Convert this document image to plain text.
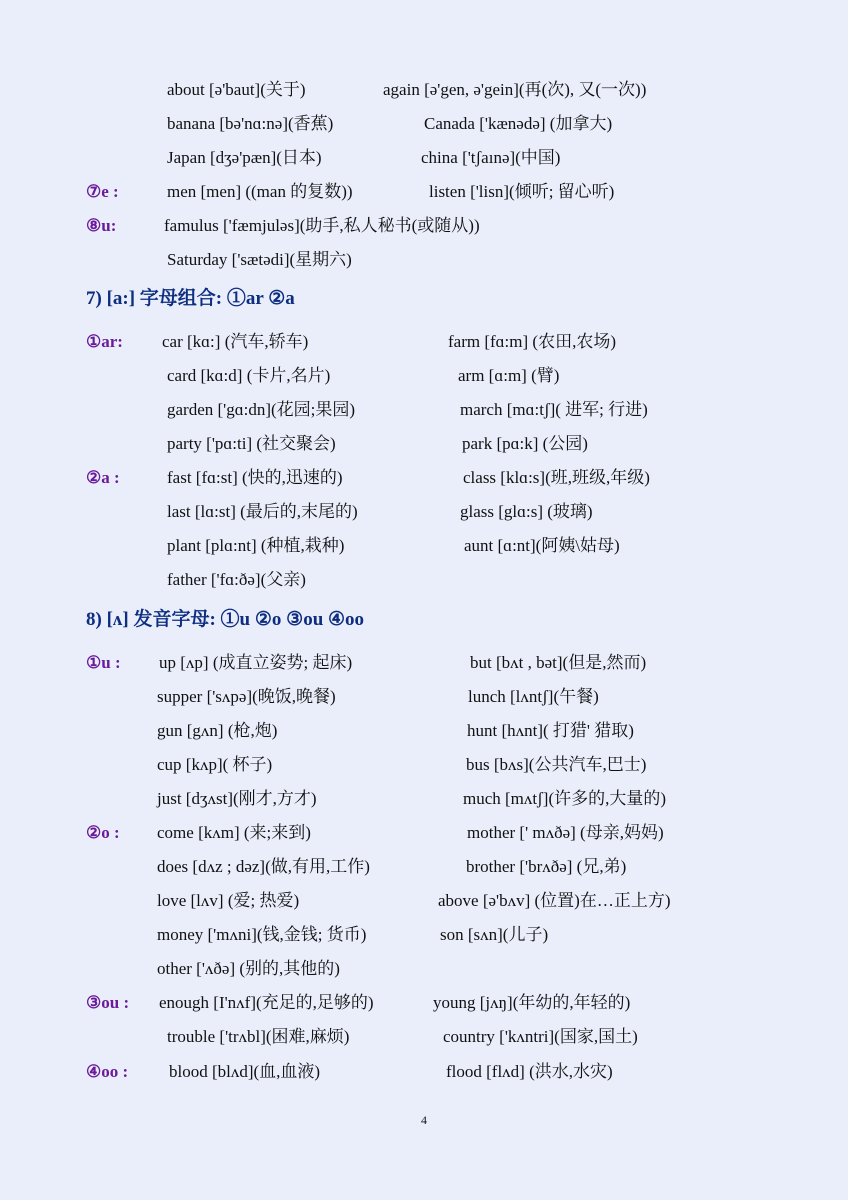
7) [a:] 字母组合: ①ar ②a
8) [ʌ] 发音字母: ①u ②o ③ou ④oo
about [ə'baut](关于)	again [ə'gen, ə'gein](再(次), 又(一次))
banana [bə'nɑ:nə](香蕉)	Canada ['kænədə] (加拿大)
Japan [dʒə'pæn](日本)	china ['tʃaınə](中国)
⑦e :	men [men] ((man 的复数))	listen ['lisn](倾听; 留心听)
⑧u:	famulus ['fæmjuləs](助手,私人秘书(或随从))
Saturday ['sætədi](星期六)
①ar: car [kɑ:] (汽车,轿车)	farm [fɑ:m] (农田,农场)
card [kɑ:d] (卡片,名片)	arm [ɑ:m] (臂)
garden ['gɑ:dn](花园;果园)	march [mɑ:tʃ]( 进军; 行进)
party ['pɑ:ti] (社交聚会)	park [pɑ:k] (公园)
②a :	fast [fɑ:st] (快的,迅速的)	class [klɑ:s](班,班级,年级)
last [lɑ:st] (最后的,末尾的)	glass [glɑ:s] (玻璃)
plant [plɑ:nt] (种植,栽种)	aunt [ɑ:nt](阿姨\姑母)
father ['fɑ:ðə](父亲)
①u : up [ʌp] (成直立姿势; 起床)	but [bʌt , bət](但是,然而)
supper ['sʌpə](晚饭,晚餐)	lunch [lʌntʃ](午餐)
gun [gʌn] (枪,炮)	hunt [hʌnt]( 打猎' 猎取)
cup [kʌp]( 杯子)	bus [bʌs](公共汽车,巴士)
just [dʒʌst](刚才,方才)	much [mʌtʃ](许多的,大量的)
②o : come [kʌm] (来;来到)	mother [' mʌðə] (母亲,妈妈)
does [dʌz ; dəz](做,有用,工作)	brother ['brʌðə] (兄,弟)
love [lʌv] (爱; 热爱)	above [ə'bʌv] (位置)在…正上方)
money ['mʌni](钱,金钱; 货币)	son [sʌn](儿子)
other ['ʌðə] (别的,其他的)
③ou : enough [I'nʌf](充足的,足够的)	young [jʌŋ](年幼的,年轻的)
trouble ['trʌbl](困难,麻烦)	country ['kʌntri](国家,国土)
④oo : blood [blʌd](血,血液)	flood [flʌd] (洪水,水灾)
4
